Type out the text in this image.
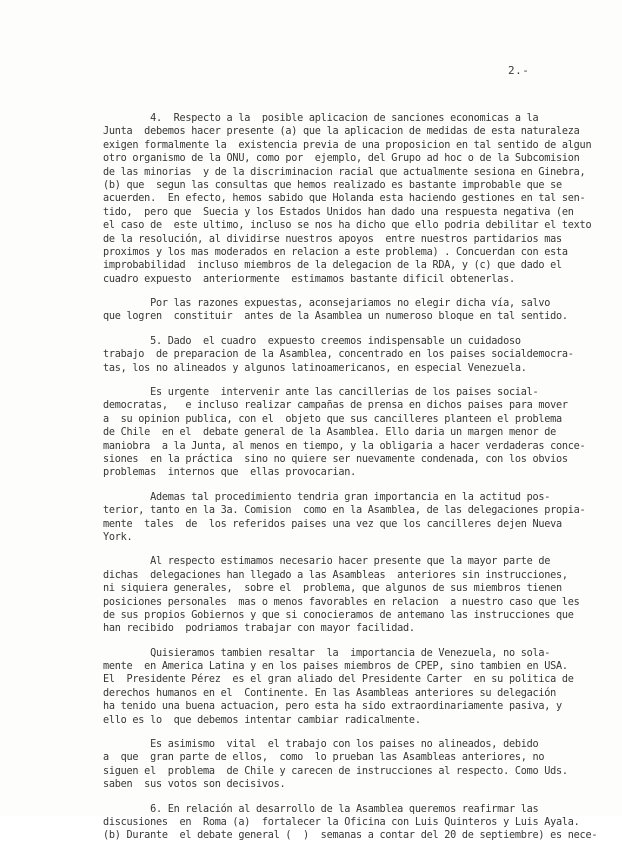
2.-
4.  Respecto a la  posible aplicacion de sanciones economicas a la
Junta  debemos hacer presente (a) que la aplicacion de medidas de esta naturaleza
exigen formalmente la  existencia previa de una proposicion en tal sentido de algun
otro organismo de la ONU, como por  ejemplo, del Grupo ad hoc o de la Subcomision
de las minorias  y de la discriminacion racial que actualmente sesiona en Ginebra,
(b) que  segun las consultas que hemos realizado es bastante improbable que se
acuerden.  En efecto, hemos sabido que Holanda esta haciendo gestiones en tal sen-
tido,  pero que  Suecia y los Estados Unidos han dado una respuesta negativa (en
el caso de  este ultimo, incluso se nos ha dicho que ello podria debilitar el texto
de la resolución, al dividirse nuestros apoyos  entre nuestros partidarios mas
proximos y los mas moderados en relacion a este problema) . Concuerdan con esta
improbabilidad  incluso miembros de la delegacion de la RDA, y (c) que dado el
cuadro expuesto  anteriormente  estimamos bastante dificil obtenerlas.
Por las razones expuestas, aconsejariamos no elegir dicha vía, salvo
que logren  constituir  antes de la Asamblea un numeroso bloque en tal sentido.
5. Dado  el cuadro  expuesto creemos indispensable un cuidadoso
trabajo  de preparacion de la Asamblea, concentrado en los paises socialdemocra-
tas, los no alineados y algunos latinoamericanos, en especial Venezuela.
Es urgente  intervenir ante las cancillerias de los paises social-
democratas,   e incluso realizar campañas de prensa en dichos paises para mover
a  su opinion publica, con el  objeto que sus cancilleres planteen el problema
de Chile  en el  debate general de la Asamblea. Ello daria un margen menor de
maniobra  a la Junta, al menos en tiempo, y la obligaria a hacer verdaderas conce-
siones  en la práctica  sino no quiere ser nuevamente condenada, con los obvios
problemas  internos que  ellas provocarian.
Ademas tal procedimiento tendria gran importancia en la actitud pos-
terior, tanto en la 3a. Comision  como en la Asamblea, de las delegaciones propia-
mente  tales  de  los referidos paises una vez que los cancilleres dejen Nueva
York.
Al respecto estimamos necesario hacer presente que la mayor parte de
dichas  delegaciones han llegado a las Asambleas  anteriores sin instrucciones,
ni siquiera generales,  sobre el  problema, que algunos de sus miembros tienen
posiciones personales  mas o menos favorables en relacion  a nuestro caso que les
de sus propios Gobiernos y que si conocieramos de antemano las instrucciones que
han recibido  podriamos trabajar con mayor facilidad.
Quisieramos tambien resaltar  la  importancia de Venezuela, no sola-
mente  en America Latina y en los paises miembros de CPEP, sino tambien en USA.
El  Presidente Pérez  es el gran aliado del Presidente Carter  en su politica de
derechos humanos en el  Continente. En las Asambleas anteriores su delegación
ha tenido una buena actuacion, pero esta ha sido extraordinariamente pasiva, y
ello es lo  que debemos intentar cambiar radicalmente.
Es asimismo  vital  el trabajo con los paises no alineados, debido
a  que  gran parte de ellos,  como  lo prueban las Asambleas anteriores, no
siguen el  problema  de Chile y carecen de instrucciones al respecto. Como Uds.
saben  sus votos son decisivos.
6. En relación al desarrollo de la Asamblea queremos reafirmar las
discusiones  en  Roma (a)  fortalecer la Oficina con Luis Quinteros y Luis Ayala.
(b) Durante  el debate general (  )  semanas a contar del 20 de septiembre) es nece-
